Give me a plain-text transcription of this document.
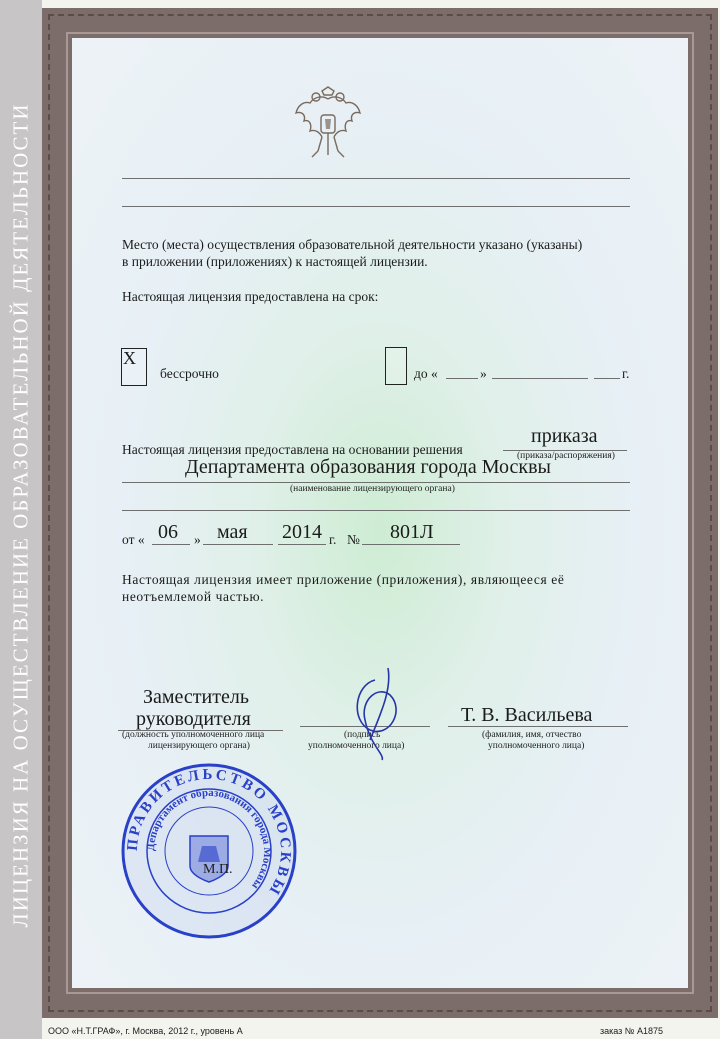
ЛИЦЕНЗИЯ НА ОСУЩЕСТВЛЕНИЕ ОБРАЗОВАТЕЛЬНОЙ ДЕЯТЕЛЬНОСТИ	Место (места) осуществления образовательной деятельности указано (указаны)
в приложении (приложениях) к настоящей лицензии.
Настоящая лицензия предоставлена на срок:
X
бессрочно	до «	»	г.
Настоящая лицензия предоставлена на основании решения
приказа
(приказа/распоряжения)
Департамента образования города Москвы
(наименование лицензирующего органа)
от « 06 » мая 2014 г. № 801Л
Настоящая лицензия имеет приложение (приложения), являющееся её
неотъемлемой частью.
Заместитель
руководителя
(должность уполномоченного лица
лицензирующего органа)
(подпись
уполномоченного лица)
Т. В. Васильева
(фамилия, имя, отчество
уполномоченного лица)
ПРАВИТЕЛЬСТВО МОСКВЫ
Департамент образования города Москвы
М.П.
ООО «Н.Т.ГРАФ», г. Москва, 2012 г., уровень А	заказ № А1875
